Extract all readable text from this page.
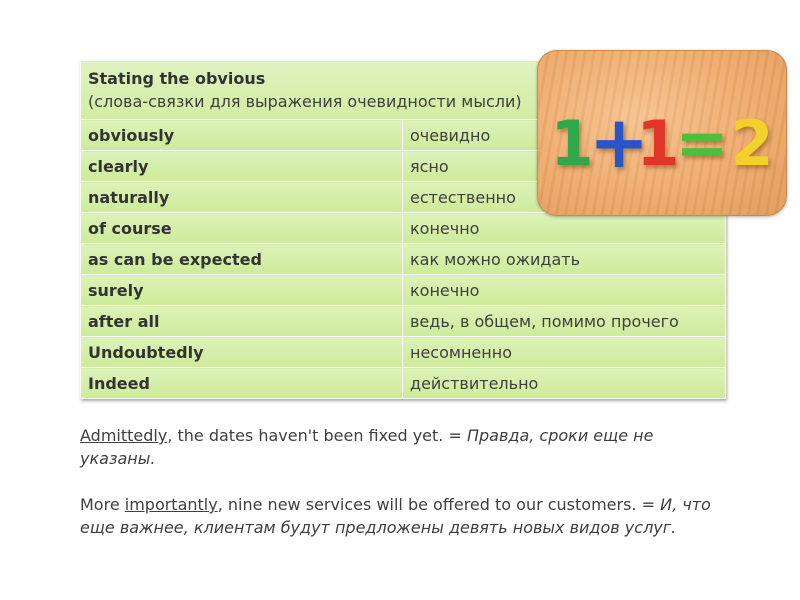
Stating the obvious
(слова-связки для выражения очевидности мысли)	

obviously	очевидно
clearly	ясно
naturally	естественно
of course	конечно
as can be expected	как можно ожидать
surely	конечно
after all	ведь, в общем, помимо прочего
Undoubtedly	несомненно
Indeed	действительно
1
+
1
= 2

Admittedly, the dates haven't been fixed yet. = Правда, сроки еще не указаны.

More importantly, nine new services will be offered to our customers. = И, что еще важнее, клиентам будут предложены девять новых видов услуг.
